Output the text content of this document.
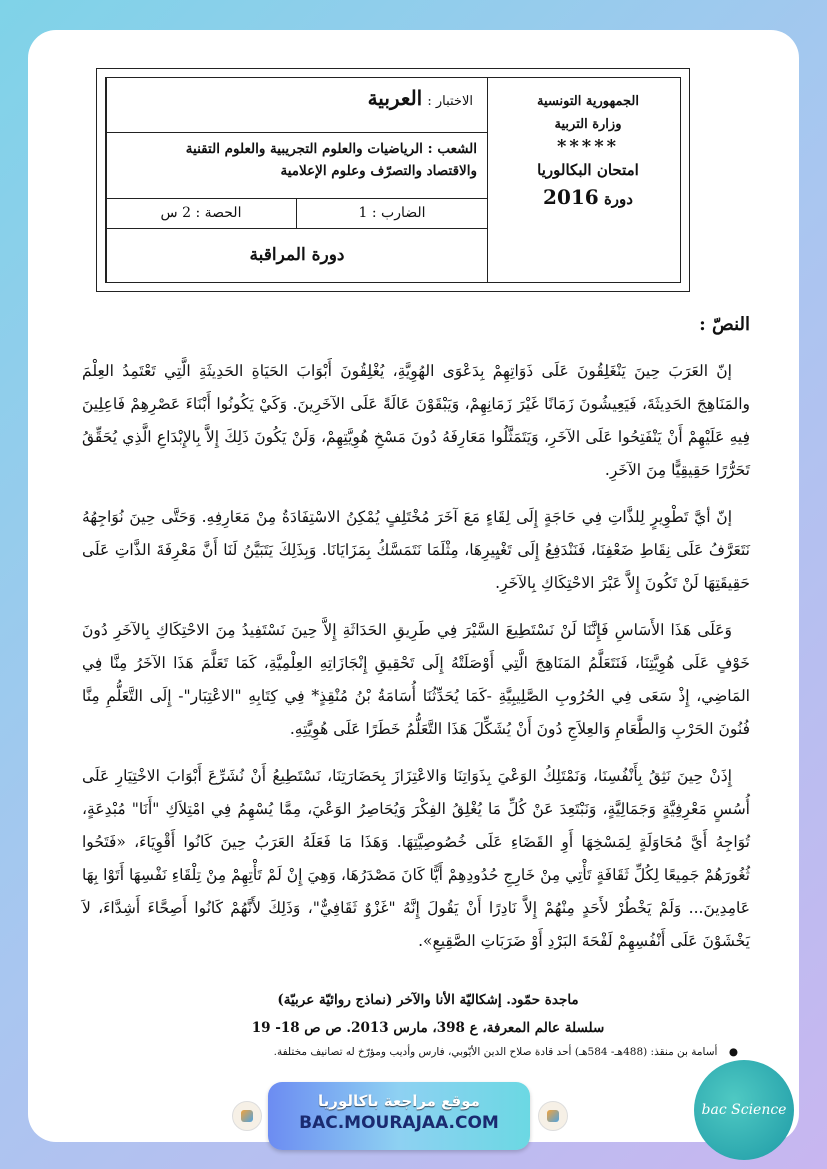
الجمهورية التونسية
وزارة التربية
*****
امتحان البكالوريا
دورة 2016
الاختبار : العربية
الشعب : الرياضيات والعلوم التجريبية والعلوم التقنية
والاقتصاد والتصرّف وعلوم الإعلامية
الضارب : 1
الحصة : 2 س
دورة المراقبة

النصّ :

إنّ العَرَبَ حِينَ يَنْغَلِقُونَ عَلَى ذَوَاتِهِمْ بِدَعْوَى الهُوِيَّةِ، يُغْلِقُونَ أَبْوَابَ الحَيَاةِ الحَدِيثَةِ الَّتِي تَعْتَمِدُ العِلْمَ والمَنَاهِجَ الحَدِيثَةَ، فَيَعِيشُونَ زَمَانًا غَيْرَ زَمَانِهِمْ، وَيَبْقَوْنَ عَالَةً عَلَى الآخَرِينَ. وَكَيْ يَكُونُوا أَبْنَاءَ عَصْرِهِمْ فَاعِلِينَ فِيهِ عَلَيْهِمْ أَنْ يَنْفَتِحُوا عَلَى الآخَرِ، وَيَتَمَثَّلُوا مَعَارِفَهُ دُونَ مَسْخِ هُوِيَّتِهِمْ، وَلَنْ يَكُونَ ذَلِكَ إِلاَّ بِالإِبْدَاعِ الَّذِي يُحَقِّقُ تَحَرُّرًا حَقِيقِيًّا مِنَ الآخَرِ.

إنّ أيَّ تَطْوِيرٍ لِلذَّاتِ فِي حَاجَةٍ إِلَى لِقَاءٍ مَعَ آخَرَ مُخْتَلِفٍ يُمْكِنُ الاسْتِفَادَةُ مِنْ مَعَارِفِهِ. وَحَتَّى حِينَ نُوَاجِهُهُ نَتَعَرَّفُ عَلَى نِقَاطِ ضَعْفِنَا، فَنَنْدَفِعُ إِلَى تَغْيِيرِهَا، مِثْلَمَا نَتَمَسَّكُ بِمَزَايَانَا. وَبِذَلِكَ يَتَبَيَّنُ لَنَا أَنَّ مَعْرِفَةَ الذَّاتِ عَلَى حَقِيقَتِهَا لَنْ تَكُونَ إِلاَّ عَبْرَ الاحْتِكَاكِ بِالآخَرِ.

وَعَلَى هَذَا الأَسَاسِ فَإِنَّنَا لَنْ نَسْتَطِيعَ السَّيْرَ فِي طَرِيقِ الحَدَاثَةِ إِلاَّ حِينَ نَسْتَفِيدُ مِنَ الاحْتِكَاكِ بِالآخَرِ دُونَ خَوْفٍ عَلَى هُوِيَّتِنَا، فَنَتَعَلَّمُ المَنَاهِجَ الَّتِي أَوْصَلَتْهُ إِلَى تَحْقِيقِ إِنْجَازَاتِهِ العِلْمِيَّةِ، كَمَا تَعَلَّمَ هَذَا الآخَرُ مِنَّا فِي المَاضِي، إِذْ سَعَى فِي الحُرُوبِ الصَّلِيبِيَّةِ -كَمَا يُحَدِّثُنَا أُسَامَةُ بْنُ مُنْقِذٍ* فِي كِتَابِهِ "الاعْتِبَار"- إِلَى التَّعَلُّمِ مِنَّا فُنُونَ الحَرْبِ وَالطَّعَامِ وَالعِلاَجِ دُونَ أَنْ يُشَكِّلَ هَذَا التَّعَلُّمُ خَطَرًا عَلَى هُوِيَّتِهِ.

إِذَنْ حِينَ نَثِقُ بِأَنْفُسِنَا، وَنَمْتَلِكُ الوَعْيَ بِذَوَاتِنَا وَالاعْتِزَازَ بِحَضَارَتِنَا، نَسْتَطِيعُ أَنْ نُشَرِّعَ أَبْوَابَ الاخْتِيَارِ عَلَى أُسُسٍ مَعْرِفِيَّةٍ وَجَمَالِيَّةٍ، وَنَبْتَعِدَ عَنْ كُلِّ مَا يُغْلِقُ الفِكْرَ وَيُحَاصِرُ الوَعْيَ، مِمَّا يُسْهِمُ فِي امْتِلاَكِ "أَنَا" مُبْدِعَةٍ، تُوَاجِهُ أَيَّ مُحَاوَلَةٍ لِمَسْخِهَا أَوِ القَضَاءِ عَلَى خُصُوصِيَّتِهَا. وَهَذَا مَا فَعَلَهُ العَرَبُ حِينَ كَانُوا أَقْوِيَاءَ، «فَتَحُوا ثُغُورَهُمْ جَمِيعًا لِكُلِّ ثَقَافَةٍ تَأْتِي مِنْ خَارِجِ حُدُودِهِمْ أَيًّا كَانَ مَصْدَرُهَا، وَهِيَ إِنْ لَمْ تَأْتِهِمْ مِنْ تِلْقَاءِ نَفْسِهَا أَتَوْا بِهَا عَامِدِينَ... وَلَمْ يَخْطُرْ لأَحَدٍ مِنْهُمْ إِلاَّ نَادِرًا أَنْ يَقُولَ إِنَّهُ "غَزْوٌ ثَقَافِيٌّ"، وَذَلِكَ لأَنَّهُمْ كَانُوا أَصِحَّاءَ أَشِدَّاءَ، لاَ يَخْشَوْنَ عَلَى أَنْفُسِهِمْ لَفْحَةَ البَرْدِ أَوْ ضَرَبَاتِ الصَّقِيعِ».

ماجدة حمّود. إشكاليّة الأنا والآخر (نماذج روائيّة عربيّة)
سلسلة عالم المعرفة، ع 398، مارس 2013. ص ص 18- 19
● أسامة بن منقذ: (488هـ- 584هـ) أحد قادة صلاح الدين الأيّوبي، فارس وأديب ومؤرّخ له تصانيف مختلفة.
موقع مراجعة باكالوريا
BAC.MOURAJAA.COM
bac Science
